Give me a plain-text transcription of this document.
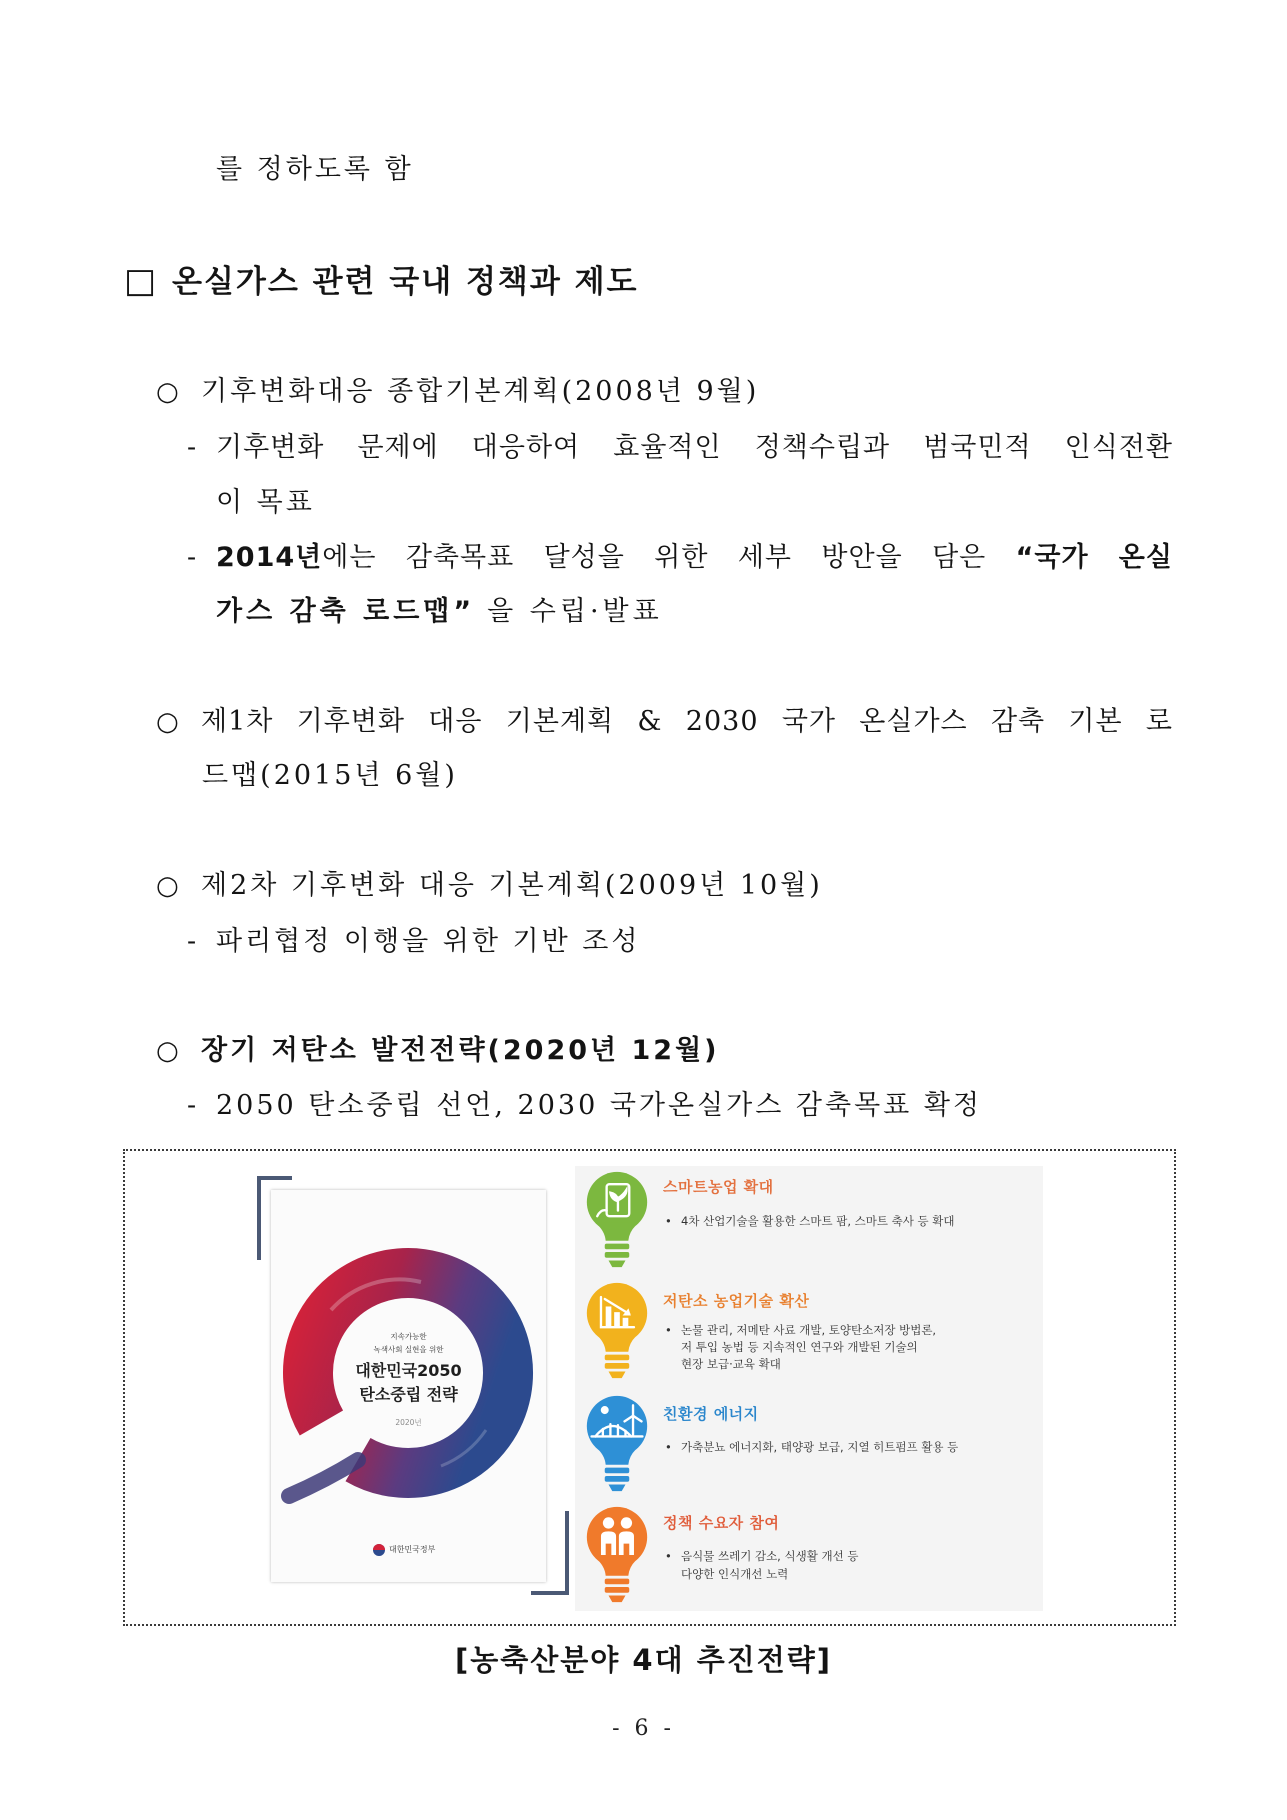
를 정하도록 함
□ 온실가스 관련 국내 정책과 제도
○ 기후변화대응 종합기본계획(2008년 9월)
- 기후변화 문제에 대응하여 효율적인 정책수립과 범국민적 인식전환
이 목표
- 2014년에는 감축목표 달성을 위한 세부 방안을 담은 “국가 온실
가스 감축 로드맵” 을 수립·발표
○ 제1차 기후변화 대응 기본계획 & 2030 국가 온실가스 감축 기본 로
드맵(2015년 6월)
○ 제2차 기후변화 대응 기본계획(2009년 10월)
- 파리협정 이행을 위한 기반 조성
○ 장기 저탄소 발전전략(2020년 12월)
- 2050 탄소중립 선언, 2030 국가온실가스 감축목표 확정
지속가능한
녹색사회 실현을 위한
대한민국2050
탄소중립 전략
2020년
대한민국정부
스마트농업 확대
• 4차 산업기술을 활용한 스마트 팜, 스마트 축사 등 확대
저탄소 농업기술 확산
• 논물 관리, 저메탄 사료 개발, 토양탄소저장 방법론,
저 투입 농법 등 지속적인 연구와 개발된 기술의
현장 보급·교육 확대
친환경 에너지
• 가축분뇨 에너지화, 태양광 보급, 지열 히트펌프 활용 등
정책 수요자 참여
• 음식물 쓰레기 감소, 식생활 개선 등
다양한 인식개선 노력
[농축산분야 4대 추진전략]
- 6 -
